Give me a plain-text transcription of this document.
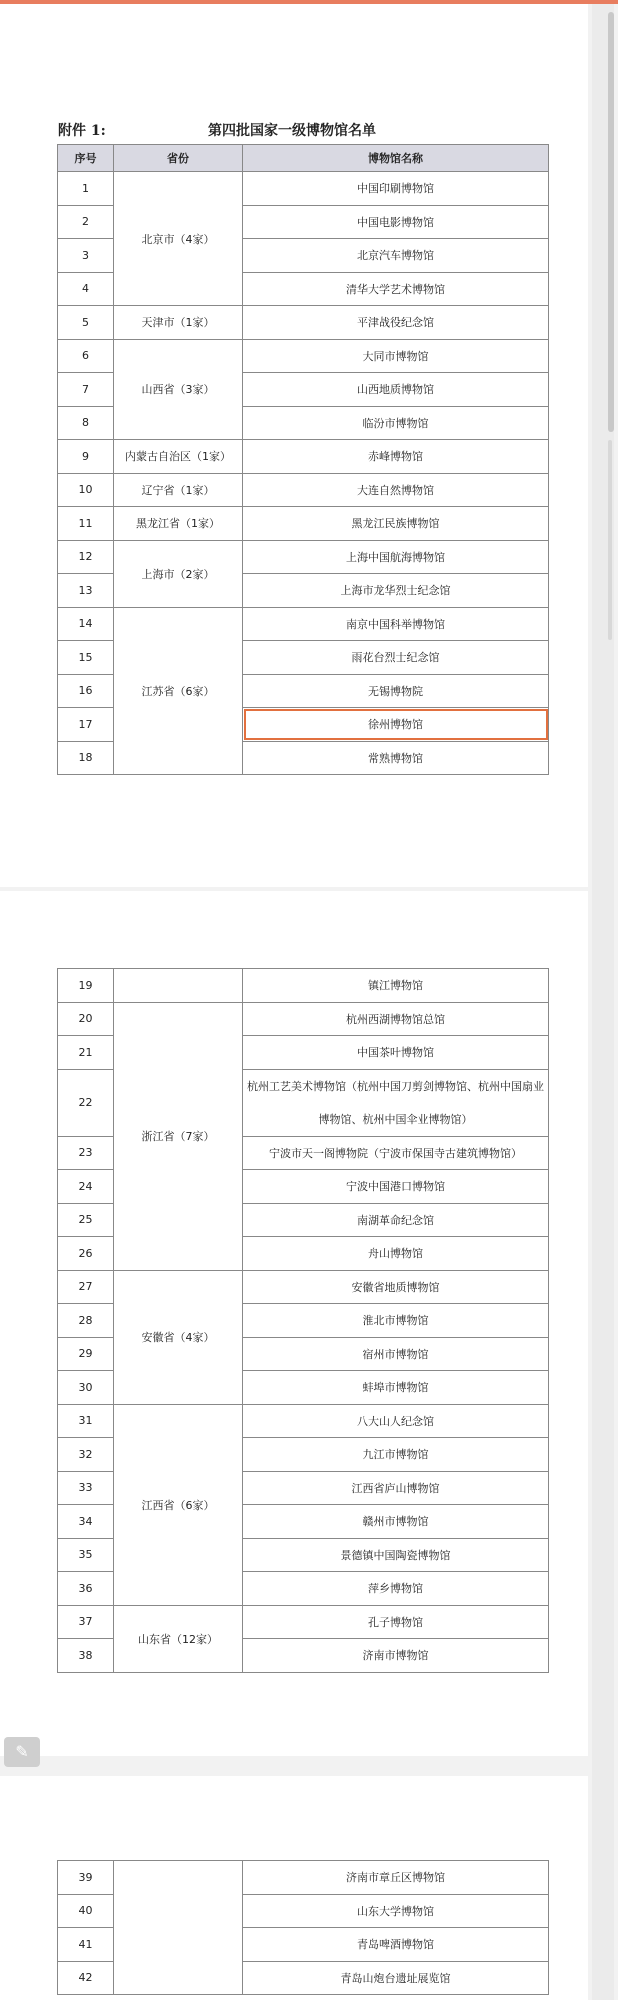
附件 1:	第四批国家一级博物馆名单
序号	省份	博物馆名称
1	北京市（4家）	中国印刷博物馆
2		中国电影博物馆
3		北京汽车博物馆
4		清华大学艺术博物馆
5	天津市（1家）	平津战役纪念馆
6	山西省（3家）	大同市博物馆
7		山西地质博物馆
8		临汾市博物馆
9	内蒙古自治区（1家）	赤峰博物馆
10	辽宁省（1家）	大连自然博物馆
11	黑龙江省（1家）	黑龙江民族博物馆
12	上海市（2家）	上海中国航海博物馆
13		上海市龙华烈士纪念馆
14	江苏省（6家）	南京中国科举博物馆
15		雨花台烈士纪念馆
16		无锡博物院
17		徐州博物馆
18		常熟博物馆
19		镇江博物馆
20	浙江省（7家）	杭州西湖博物馆总馆
21		中国茶叶博物馆
22		杭州工艺美术博物馆（杭州中国刀剪剑博物馆、杭州中国扇业博物馆、杭州中国伞业博物馆）
23		宁波市天一阁博物院（宁波市保国寺古建筑博物馆）
24		宁波中国港口博物馆
25		南湖革命纪念馆
26		舟山博物馆
27	安徽省（4家）	安徽省地质博物馆
28		淮北市博物馆
29		宿州市博物馆
30		蚌埠市博物馆
31	江西省（6家）	八大山人纪念馆
32		九江市博物馆
33		江西省庐山博物馆
34		赣州市博物馆
35		景德镇中国陶瓷博物馆
36		萍乡博物馆
37	山东省（12家）	孔子博物馆
38		济南市博物馆
39		济南市章丘区博物馆
40		山东大学博物馆
41		青岛啤酒博物馆
42		青岛山炮台遗址展览馆
✎
